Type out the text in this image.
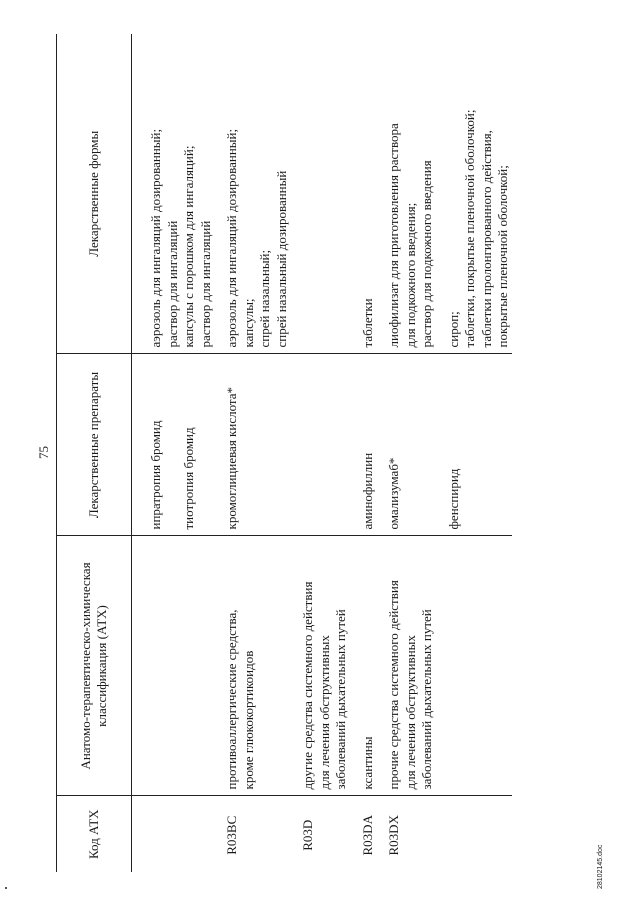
75
Код АТХ	Анатомо-терапевтическо-химическая классификация (АТХ)	Лекарственные препараты	Лекарственные формы
		ипратропия бромид	аэрозоль для ингаляций дозированный; раствор для ингаляций

		тиотропия бромид	капсулы с порошком для ингаляций; раствор для ингаляций

R03BC	противоаллергические средства, кроме глюкокортикоидов	кромоглициевая кислота*	аэрозоль для ингаляций дозированный; капсулы; спрей назальный; спрей назальный дозированный

R03D	другие средства системного действия для лечения обструктивных заболеваний дыхательных путей		

R03DA	ксантины	аминофиллин	таблетки

R03DX	прочие средства системного действия для лечения обструктивных заболеваний дыхательных путей	омализумаб*	лиофилизат для приготовления раствора для подкожного введения; раствор для подкожного введения

		фенспирид	сироп; таблетки, покрытые пленочной оболочкой; таблетки пролонгированного действия, покрытые пленочной оболочкой;
28102145.doc
